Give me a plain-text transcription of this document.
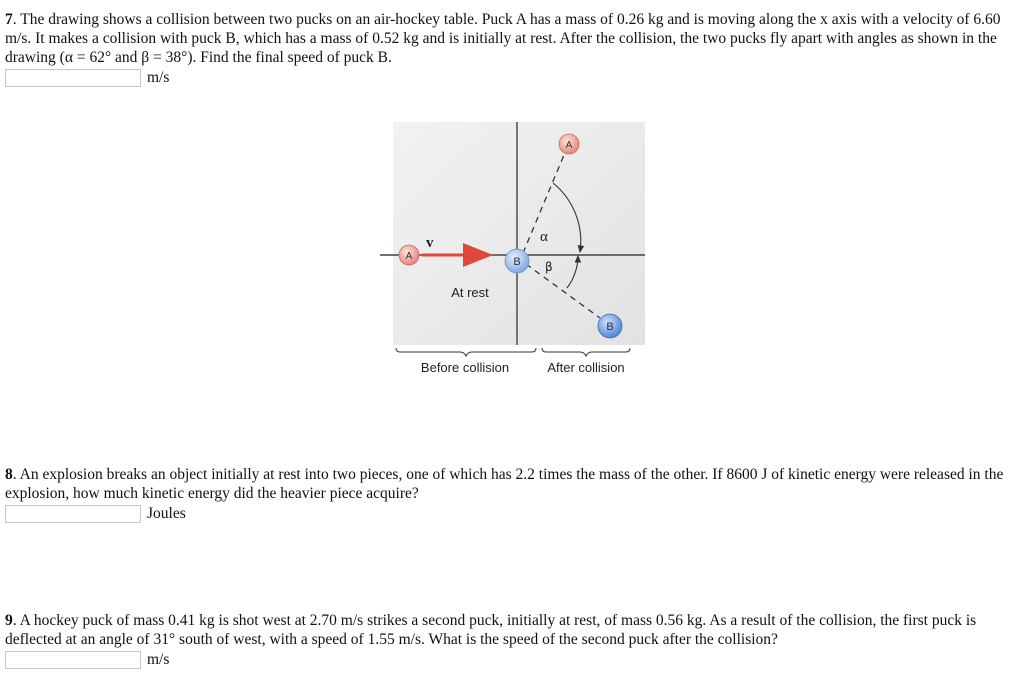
7. The drawing shows a collision between two pucks on an air-hockey table. Puck A has a mass of 0.26 kg and is moving along the x axis with a velocity of 6.60 m/s. It makes a collision with puck B, which has a mass of 0.52 kg and is initially at rest. After the collision, the two pucks fly apart with angles as shown in the drawing (α = 62° and β = 38°). Find the final speed of puck B.

m/s
v	α
β
A	B
A
B
At rest
Before collision	After collision

8. An explosion breaks an object initially at rest into two pieces, one of which has 2.2 times the mass of the other. If 8600 J of kinetic energy were released in the explosion, how much kinetic energy did the heavier piece acquire?

Joules

9. A hockey puck of mass 0.41 kg is shot west at 2.70 m/s strikes a second puck, initially at rest, of mass 0.56 kg. As a result of the collision, the first puck is deflected at an angle of 31° south of west, with a speed of 1.55 m/s. What is the speed of the second puck after the collision?

m/s
